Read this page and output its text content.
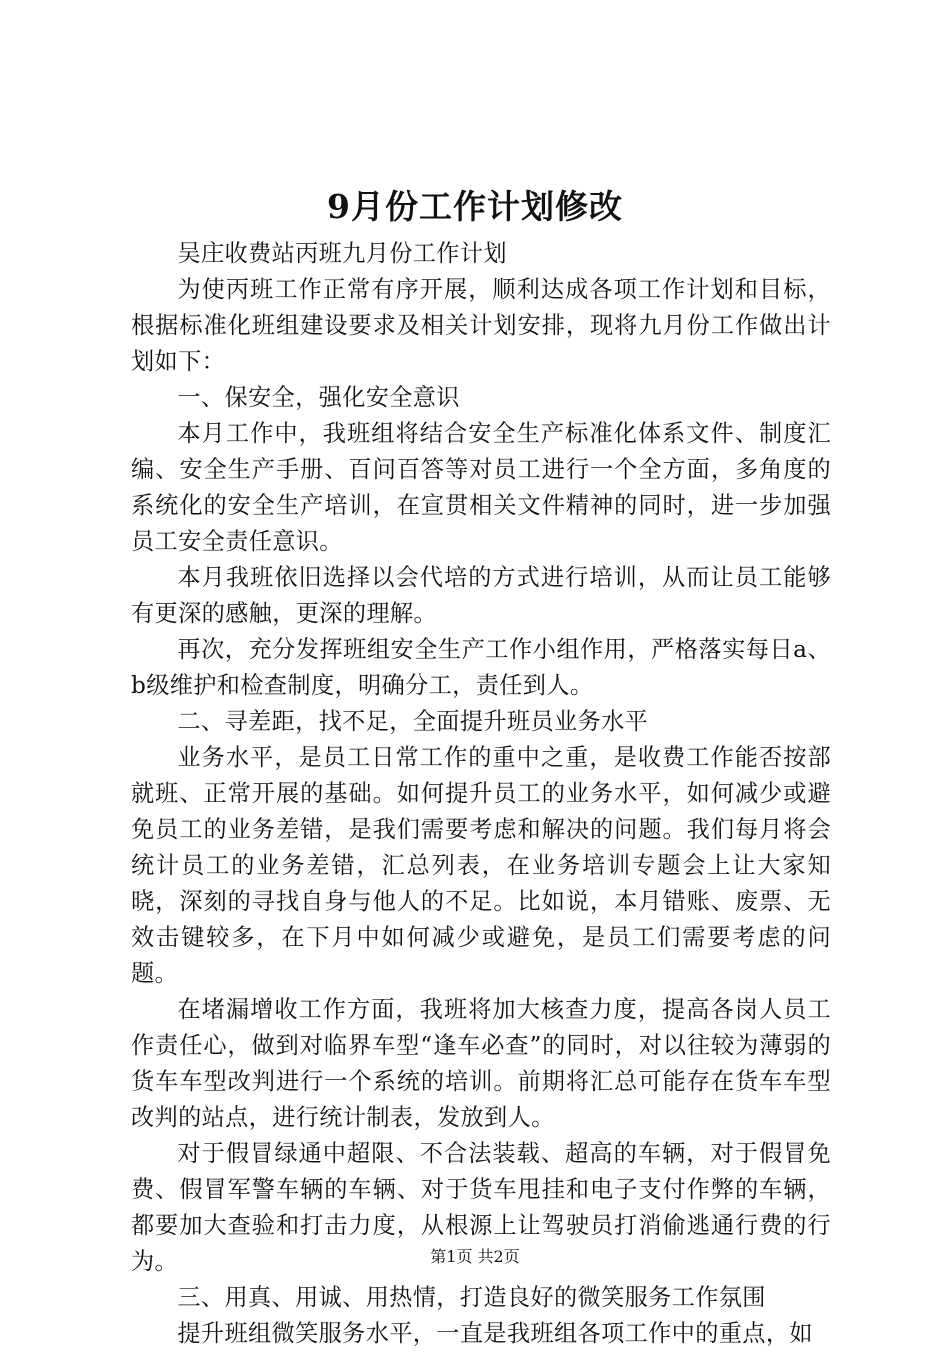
9月份工作计划修改

吴庄收费站丙班九月份工作计划

为使丙班工作正常有序开展，顺利达成各项工作计划和目标，根据标准化班组建设要求及相关计划安排，现将九月份工作做出计划如下：

一、保安全，强化安全意识

本月工作中，我班组将结合安全生产标准化体系文件、制度汇编、安全生产手册、百问百答等对员工进行一个全方面，多角度的系统化的安全生产培训，在宣贯相关文件精神的同时，进一步加强员工安全责任意识。

本月我班依旧选择以会代培的方式进行培训，从而让员工能够有更深的感触，更深的理解。

再次，充分发挥班组安全生产工作小组作用，严格落实每日a、b级维护和检查制度，明确分工，责任到人。

二、寻差距，找不足，全面提升班员业务水平

业务水平，是员工日常工作的重中之重，是收费工作能否按部就班、正常开展的基础。如何提升员工的业务水平，如何减少或避免员工的业务差错，是我们需要考虑和解决的问题。我们每月将会统计员工的业务差错，汇总列表，在业务培训专题会上让大家知晓，深刻的寻找自身与他人的不足。比如说，本月错账、废票、无效击键较多，在下月中如何减少或避免，是员工们需要考虑的问题。

在堵漏增收工作方面，我班将加大核查力度，提高各岗人员工作责任心，做到对临界车型“逢车必查”的同时，对以往较为薄弱的货车车型改判进行一个系统的培训。前期将汇总可能存在货车车型改判的站点，进行统计制表，发放到人。

对于假冒绿通中超限、不合法装载、超高的车辆，对于假冒免费、假冒军警车辆的车辆、对于货车甩挂和电子支付作弊的车辆，都要加大查验和打击力度，从根源上让驾驶员打消偷逃通行费的行为。

三、用真、用诚、用热情，打造良好的微笑服务工作氛围

提升班组微笑服务水平，一直是我班组各项工作中的重点，如

第1页 共2页
